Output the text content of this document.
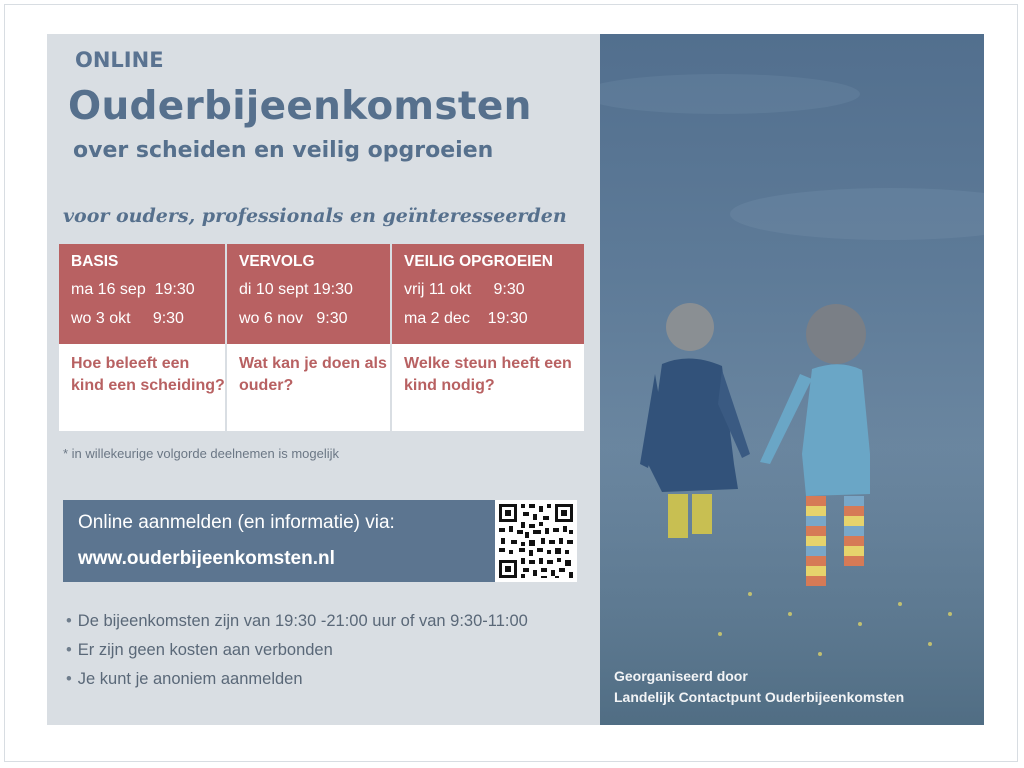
ONLINE
Ouderbijeenkomsten
over scheiden en veilig opgroeien
voor ouders, professionals en geïnteresseerden
BASIS
ma 16 sep  19:30
wo 3 okt     9:30
Hoe beleeft een kind een scheiding?
VERVOLG
di 10 sept 19:30
wo 6 nov   9:30
Wat kan je doen als ouder?
VEILIG OPGROEIEN
vrij 11 okt     9:30
ma 2 dec    19:30
Welke steun heeft een kind nodig?
* in willekeurige volgorde deelnemen is mogelijk
Online aanmelden (en informatie) via:
www.ouderbijeenkomsten.nl
• De bijeenkomsten zijn van 19:30 -21:00 uur of van 9:30-11:00
• Er zijn geen kosten aan verbonden
• Je kunt je anoniem aanmelden	Georganiseerd door
Landelijk Contactpunt Ouderbijeenkomsten
